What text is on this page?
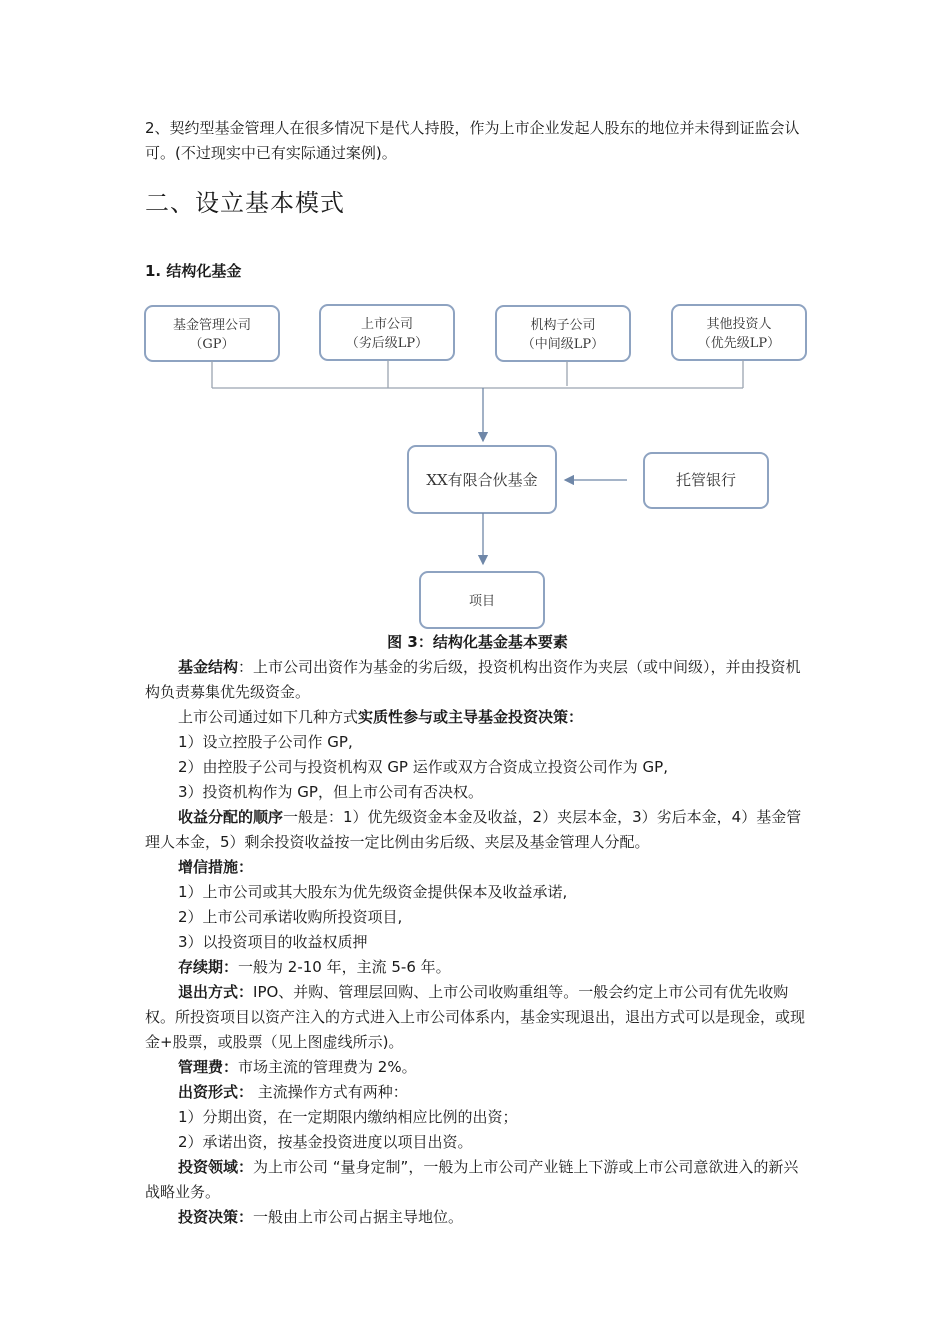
2、契约型基金管理人在很多情况下是代人持股，作为上市企业发起人股东的地位并未得到证监会认可。(不过现实中已有实际通过案例)。

二、设立基本模式
1. 结构化基金
基金管理公司
（GP）
上市公司
（劣后级LP）
机构子公司
（中间级LP）
其他投资人
（优先级LP）
XX有限合伙基金	托管银行
项目
图 3：结构化基金基本要素

基金结构：上市公司出资作为基金的劣后级，投资机构出资作为夹层（或中间级），并由投资机构负责募集优先级资金。

上市公司通过如下几种方式实质性参与或主导基金投资决策：

1）设立控股子公司作 GP,

2）由控股子公司与投资机构双 GP 运作或双方合资成立投资公司作为 GP,

3）投资机构作为 GP，但上市公司有否决权。

收益分配的顺序一般是：1）优先级资金本金及收益，2）夹层本金，3）劣后本金，4）基金管理人本金，5）剩余投资收益按一定比例由劣后级、夹层及基金管理人分配。

增信措施：

1）上市公司或其大股东为优先级资金提供保本及收益承诺,

2）上市公司承诺收购所投资项目,

3）以投资项目的收益权质押

存续期：一般为 2-10 年，主流 5-6 年。

退出方式：IPO、并购、管理层回购、上市公司收购重组等。一般会约定上市公司有优先收购权。所投资项目以资产注入的方式进入上市公司体系内，基金实现退出，退出方式可以是现金，或现金+股票，或股票（见上图虚线所示)。

管理费：市场主流的管理费为 2%。

出资形式： 主流操作方式有两种：

1）分期出资，在一定期限内缴纳相应比例的出资；

2）承诺出资，按基金投资进度以项目出资。

投资领域：为上市公司 “量身定制”，一般为上市公司产业链上下游或上市公司意欲进入的新兴战略业务。

投资决策：一般由上市公司占据主导地位。
